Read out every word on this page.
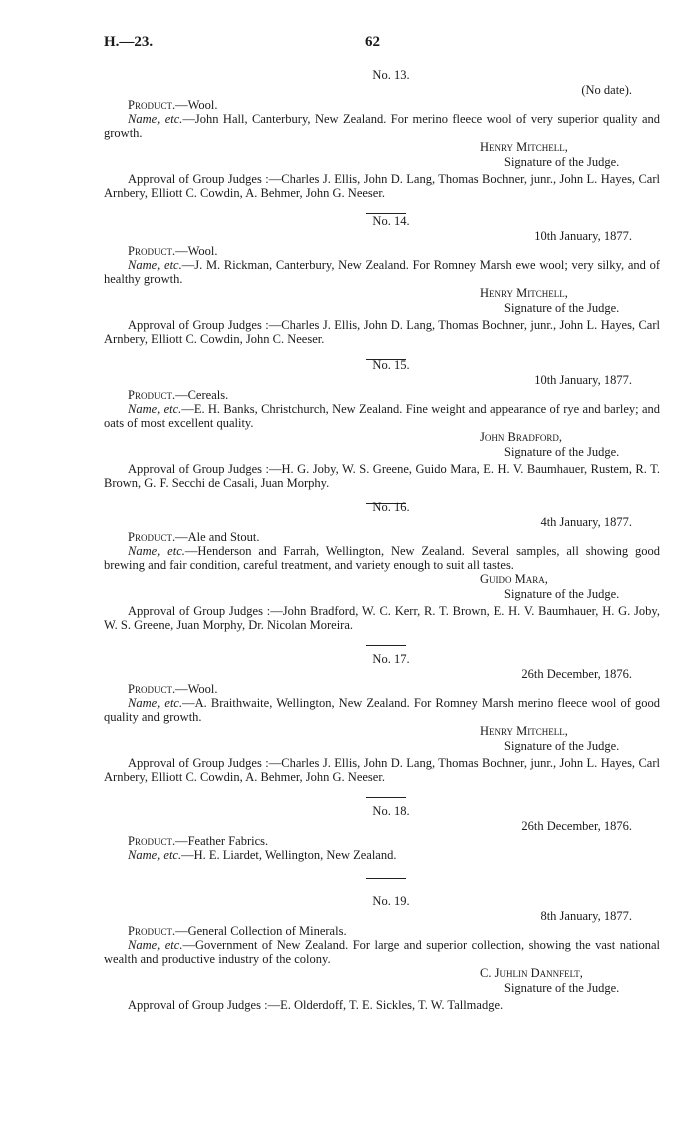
H.—23.	62
No. 13.
(No date).
Product.—Wool.
Name, etc.—John Hall, Canterbury, New Zealand. For merino fleece wool of very superior quality and growth.
Henry Mitchell,
Signature of the Judge.
Approval of Group Judges :—Charles J. Ellis, John D. Lang, Thomas Bochner, junr., John L. Hayes, Carl Arnbery, Elliott C. Cowdin, A. Behmer, John G. Neeser.
No. 14.
10th January, 1877.
Product.—Wool.
Name, etc.—J. M. Rickman, Canterbury, New Zealand. For Romney Marsh ewe wool; very silky, and of healthy growth.
Henry Mitchell,
Signature of the Judge.
Approval of Group Judges :—Charles J. Ellis, John D. Lang, Thomas Bochner, junr., John L. Hayes, Carl Arnbery, Elliott C. Cowdin, John C. Neeser.
No. 15.
10th January, 1877.
Product.—Cereals.
Name, etc.—E. H. Banks, Christchurch, New Zealand. Fine weight and appearance of rye and barley; and oats of most excellent quality.
John Bradford,
Signature of the Judge.
Approval of Group Judges :—H. G. Joby, W. S. Greene, Guido Mara, E. H. V. Baumhauer, Rustem, R. T. Brown, G. F. Secchi de Casali, Juan Morphy.
No. 16.
4th January, 1877.
Product.—Ale and Stout.
Name, etc.—Henderson and Farrah, Wellington, New Zealand. Several samples, all showing good brewing and fair condition, careful treatment, and variety enough to suit all tastes.
Guido Mara,
Signature of the Judge.
Approval of Group Judges :—John Bradford, W. C. Kerr, R. T. Brown, E. H. V. Baumhauer, H. G. Joby, W. S. Greene, Juan Morphy, Dr. Nicolan Moreira.
No. 17.
26th December, 1876.
Product.—Wool.
Name, etc.—A. Braithwaite, Wellington, New Zealand. For Romney Marsh merino fleece wool of good quality and growth.
Henry Mitchell,
Signature of the Judge.
Approval of Group Judges :—Charles J. Ellis, John D. Lang, Thomas Bochner, junr., John L. Hayes, Carl Arnbery, Elliott C. Cowdin, A. Behmer, John G. Neeser.
No. 18.
26th December, 1876.
Product.—Feather Fabrics.
Name, etc.—H. E. Liardet, Wellington, New Zealand.
No. 19.
8th January, 1877.
Product.—General Collection of Minerals.
Name, etc.—Government of New Zealand. For large and superior collection, showing the vast national wealth and productive industry of the colony.
C. Juhlin Dannfelt,
Signature of the Judge.
Approval of Group Judges :—E. Olderdoff, T. E. Sickles, T. W. Tallmadge.
